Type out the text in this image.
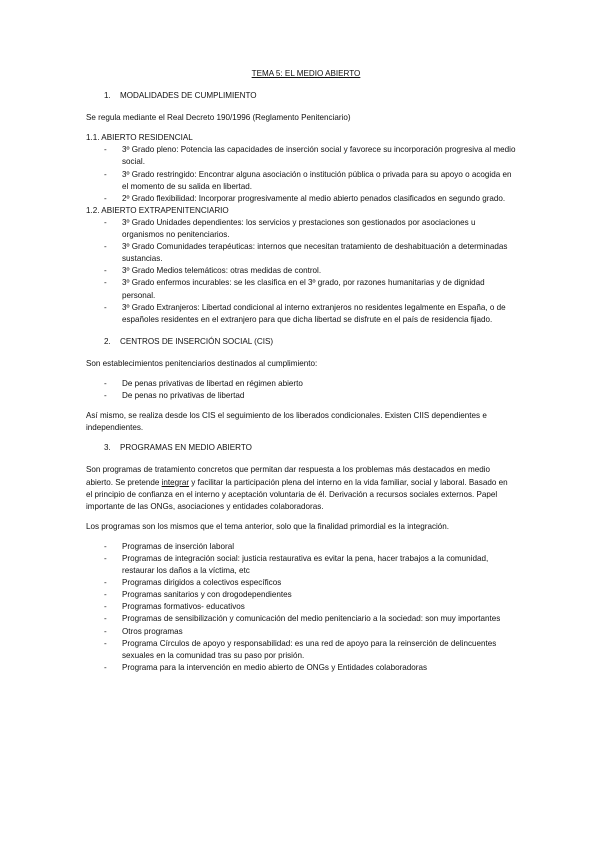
TEMA 5: EL MEDIO ABIERTO
1. MODALIDADES DE CUMPLIMIENTO

Se regula mediante el Real Decreto 190/1996 (Reglamento Penitenciario)

1.1. ABIERTO RESIDENCIAL
- 3º Grado pleno: Potencia las capacidades de inserción social y favorece su incorporación progresiva al medio social.
- 3º Grado restringido: Encontrar alguna asociación o institución pública o privada para su apoyo o acogida en el momento de su salida en libertad.
- 2º Grado flexibilidad: Incorporar progresivamente al medio abierto penados clasificados en segundo grado.
1.2. ABIERTO EXTRAPENITENCIARIO
- 3º Grado Unidades dependientes: los servicios y prestaciones son gestionados por asociaciones u organismos no penitenciarios.
- 3º Grado Comunidades terapéuticas: internos que necesitan tratamiento de deshabituación a determinadas sustancias.
- 3º Grado Medios telemáticos: otras medidas de control.
- 3º Grado enfermos incurables: se les clasifica en el 3º grado, por razones humanitarias y de dignidad personal.
- 3º Grado Extranjeros: Libertad condicional al interno extranjeros no residentes legalmente en España, o de españoles residentes en el extranjero para que dicha libertad se disfrute en el país de residencia fijado.
2. CENTROS DE INSERCIÓN SOCIAL (CIS)

Son establecimientos penitenciarios destinados al cumplimiento:

- De penas privativas de libertad en régimen abierto
- De penas no privativas de libertad

Así mismo, se realiza desde los CIS el seguimiento de los liberados condicionales. Existen CIIS dependientes e independientes.

3. PROGRAMAS EN MEDIO ABIERTO

Son programas de tratamiento concretos que permitan dar respuesta a los problemas más destacados en medio abierto. Se pretende integrar y facilitar la participación plena del interno en la vida familiar, social y laboral. Basado en el principio de confianza en el interno y aceptación voluntaria de él. Derivación a recursos sociales externos. Papel importante de las ONGs, asociaciones y entidades colaboradoras.

Los programas son los mismos que el tema anterior, solo que la finalidad primordial es la integración.

- Programas de inserción laboral
- Programas de integración social: justicia restaurativa es evitar la pena, hacer trabajos a la comunidad, restaurar los daños a la víctima, etc
- Programas dirigidos a colectivos específicos
- Programas sanitarios y con drogodependientes
- Programas formativos- educativos
- Programas de sensibilización y comunicación del medio penitenciario a la sociedad: son muy importantes
- Otros programas
- Programa Círculos de apoyo y responsabilidad: es una red de apoyo para la reinserción de delincuentes sexuales en la comunidad tras su paso por prisión.
- Programa para la intervención en medio abierto de ONGs y Entidades colaboradoras
